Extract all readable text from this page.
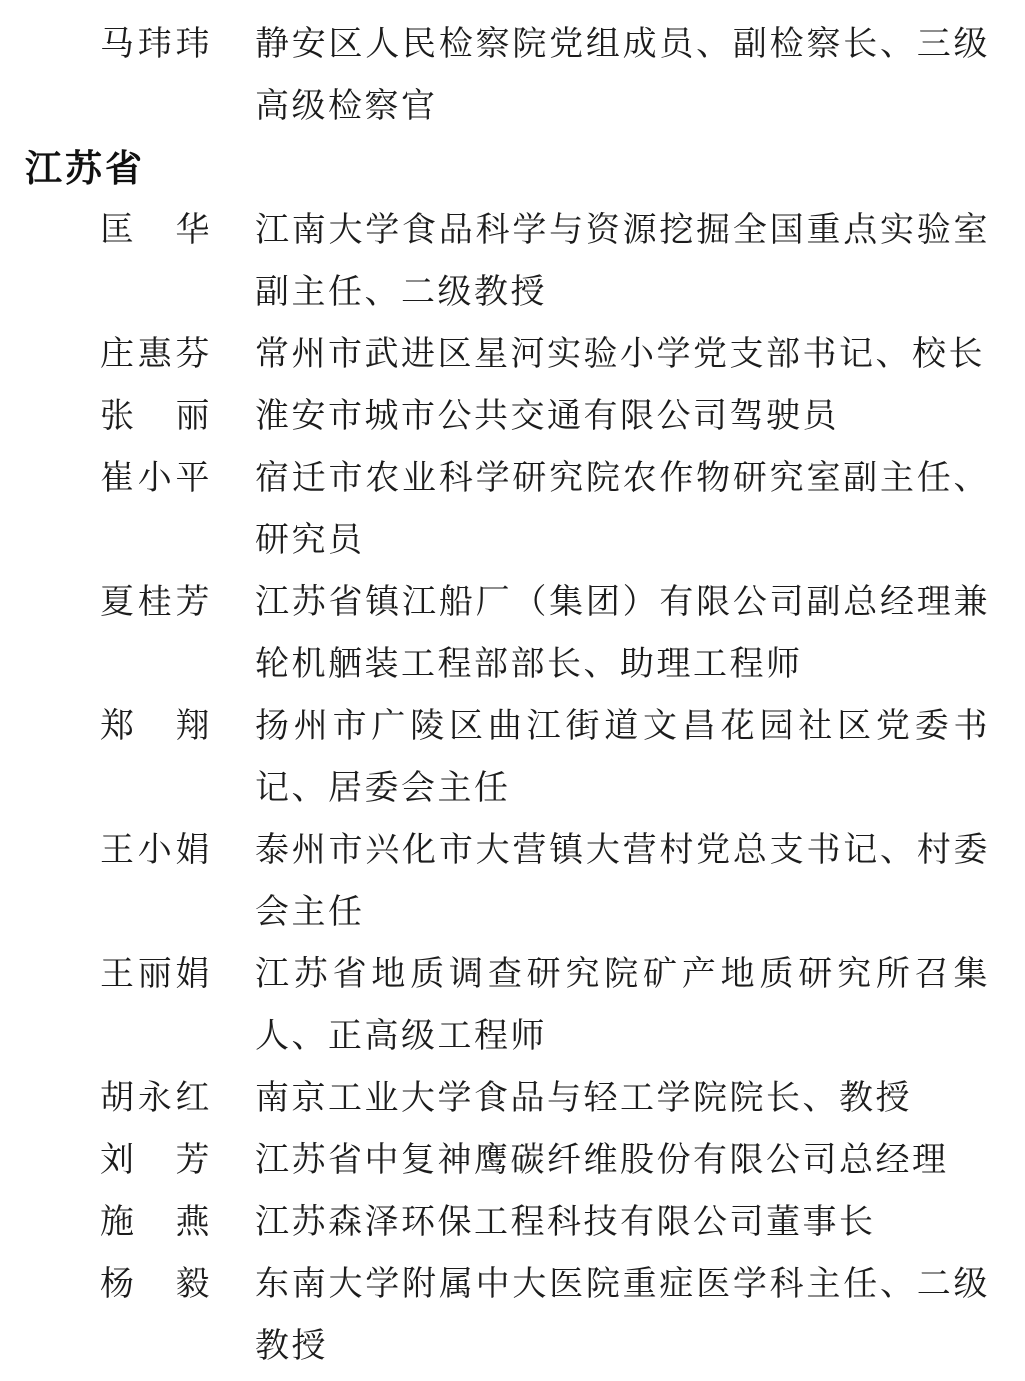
马玮玮 静安区人民检察院党组成员、副检察长、三级高级检察官
江苏省
匡 华 江南大学食品科学与资源挖掘全国重点实验室副主任、二级教授
庄惠芬 常州市武进区星河实验小学党支部书记、校长
张 丽 淮安市城市公共交通有限公司驾驶员
崔小平 宿迁市农业科学研究院农作物研究室副主任、研究员
夏桂芳 江苏省镇江船厂（集团）有限公司副总经理兼轮机舾装工程部部长、助理工程师
郑 翔 扬州市广陵区曲江街道文昌花园社区党委书记、居委会主任
王小娟 泰州市兴化市大营镇大营村党总支书记、村委会主任
王丽娟 江苏省地质调查研究院矿产地质研究所召集人、正高级工程师
胡永红 南京工业大学食品与轻工学院院长、教授
刘 芳 江苏省中复神鹰碳纤维股份有限公司总经理
施 燕 江苏森泽环保工程科技有限公司董事长
杨 毅 东南大学附属中大医院重症医学科主任、二级教授
